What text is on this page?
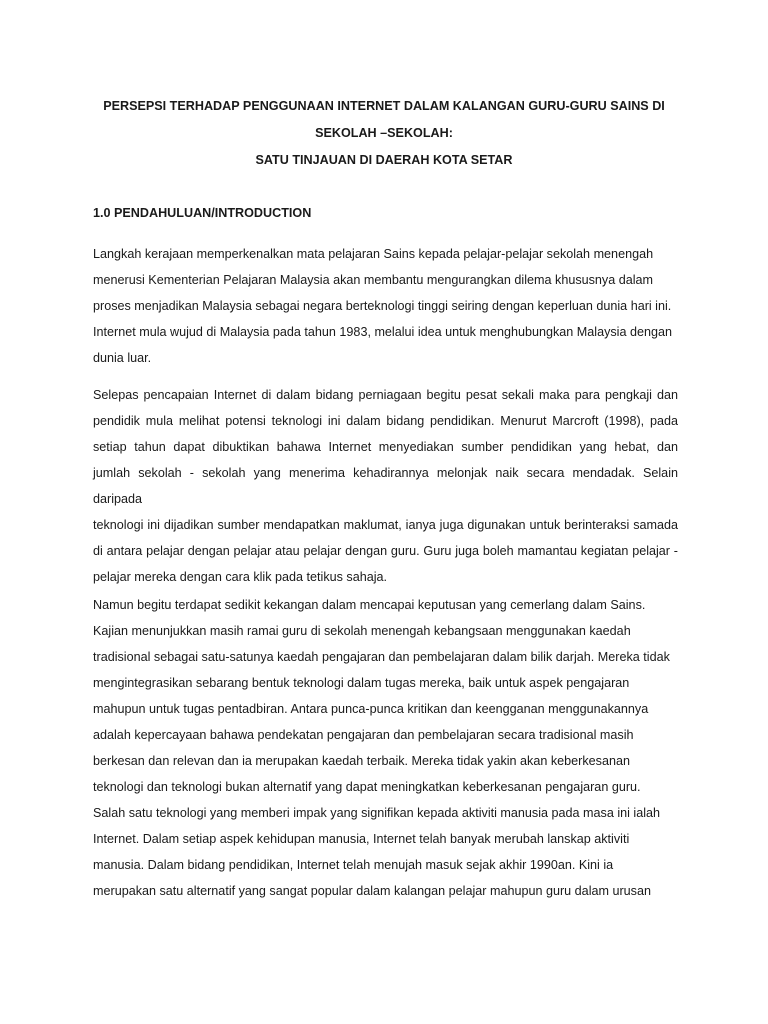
PERSEPSI TERHADAP PENGGUNAAN INTERNET DALAM KALANGAN GURU-GURU SAINS DI
SEKOLAH –SEKOLAH:
SATU TINJAUAN DI DAERAH KOTA SETAR
1.0 PENDAHULUAN/INTRODUCTION
Langkah kerajaan memperkenalkan mata pelajaran Sains kepada pelajar-pelajar sekolah menengah
menerusi Kementerian Pelajaran Malaysia akan membantu mengurangkan dilema khususnya dalam
proses menjadikan Malaysia sebagai negara berteknologi tinggi seiring dengan keperluan dunia hari ini.
Internet mula wujud di Malaysia pada tahun 1983, melalui idea untuk menghubungkan Malaysia dengan
dunia luar.
Selepas pencapaian Internet di dalam bidang perniagaan begitu pesat sekali maka para pengkaji dan
pendidik mula melihat potensi teknologi ini dalam bidang pendidikan. Menurut Marcroft (1998), pada
setiap tahun dapat dibuktikan bahawa Internet menyediakan sumber pendidikan yang hebat, dan
jumlah sekolah - sekolah yang menerima kehadirannya melonjak naik secara mendadak. Selain daripada
teknologi ini dijadikan sumber mendapatkan maklumat, ianya juga digunakan untuk berinteraksi samada
di antara pelajar dengan pelajar atau pelajar dengan guru. Guru juga boleh mamantau kegiatan pelajar -
pelajar mereka dengan cara klik pada tetikus sahaja.
Namun begitu terdapat sedikit kekangan dalam mencapai keputusan yang cemerlang dalam Sains.
Kajian menunjukkan masih ramai guru di sekolah menengah kebangsaan menggunakan kaedah
tradisional sebagai satu-satunya kaedah pengajaran dan pembelajaran dalam bilik darjah. Mereka tidak
mengintegrasikan sebarang bentuk teknologi dalam tugas mereka, baik untuk aspek pengajaran
mahupun untuk tugas pentadbiran. Antara punca-punca kritikan dan keengganan menggunakannya
adalah kepercayaan bahawa pendekatan pengajaran dan pembelajaran secara tradisional masih
berkesan dan relevan dan ia merupakan kaedah terbaik. Mereka tidak yakin akan keberkesanan
teknologi dan teknologi bukan alternatif yang dapat meningkatkan keberkesanan pengajaran guru.
Salah satu teknologi yang memberi impak yang signifikan kepada aktiviti manusia pada masa ini ialah
Internet. Dalam setiap aspek kehidupan manusia, Internet telah banyak merubah lanskap aktiviti
manusia. Dalam bidang pendidikan, Internet telah menujah masuk sejak akhir 1990an. Kini ia
merupakan satu alternatif yang sangat popular dalam kalangan pelajar mahupun guru dalam urusan
